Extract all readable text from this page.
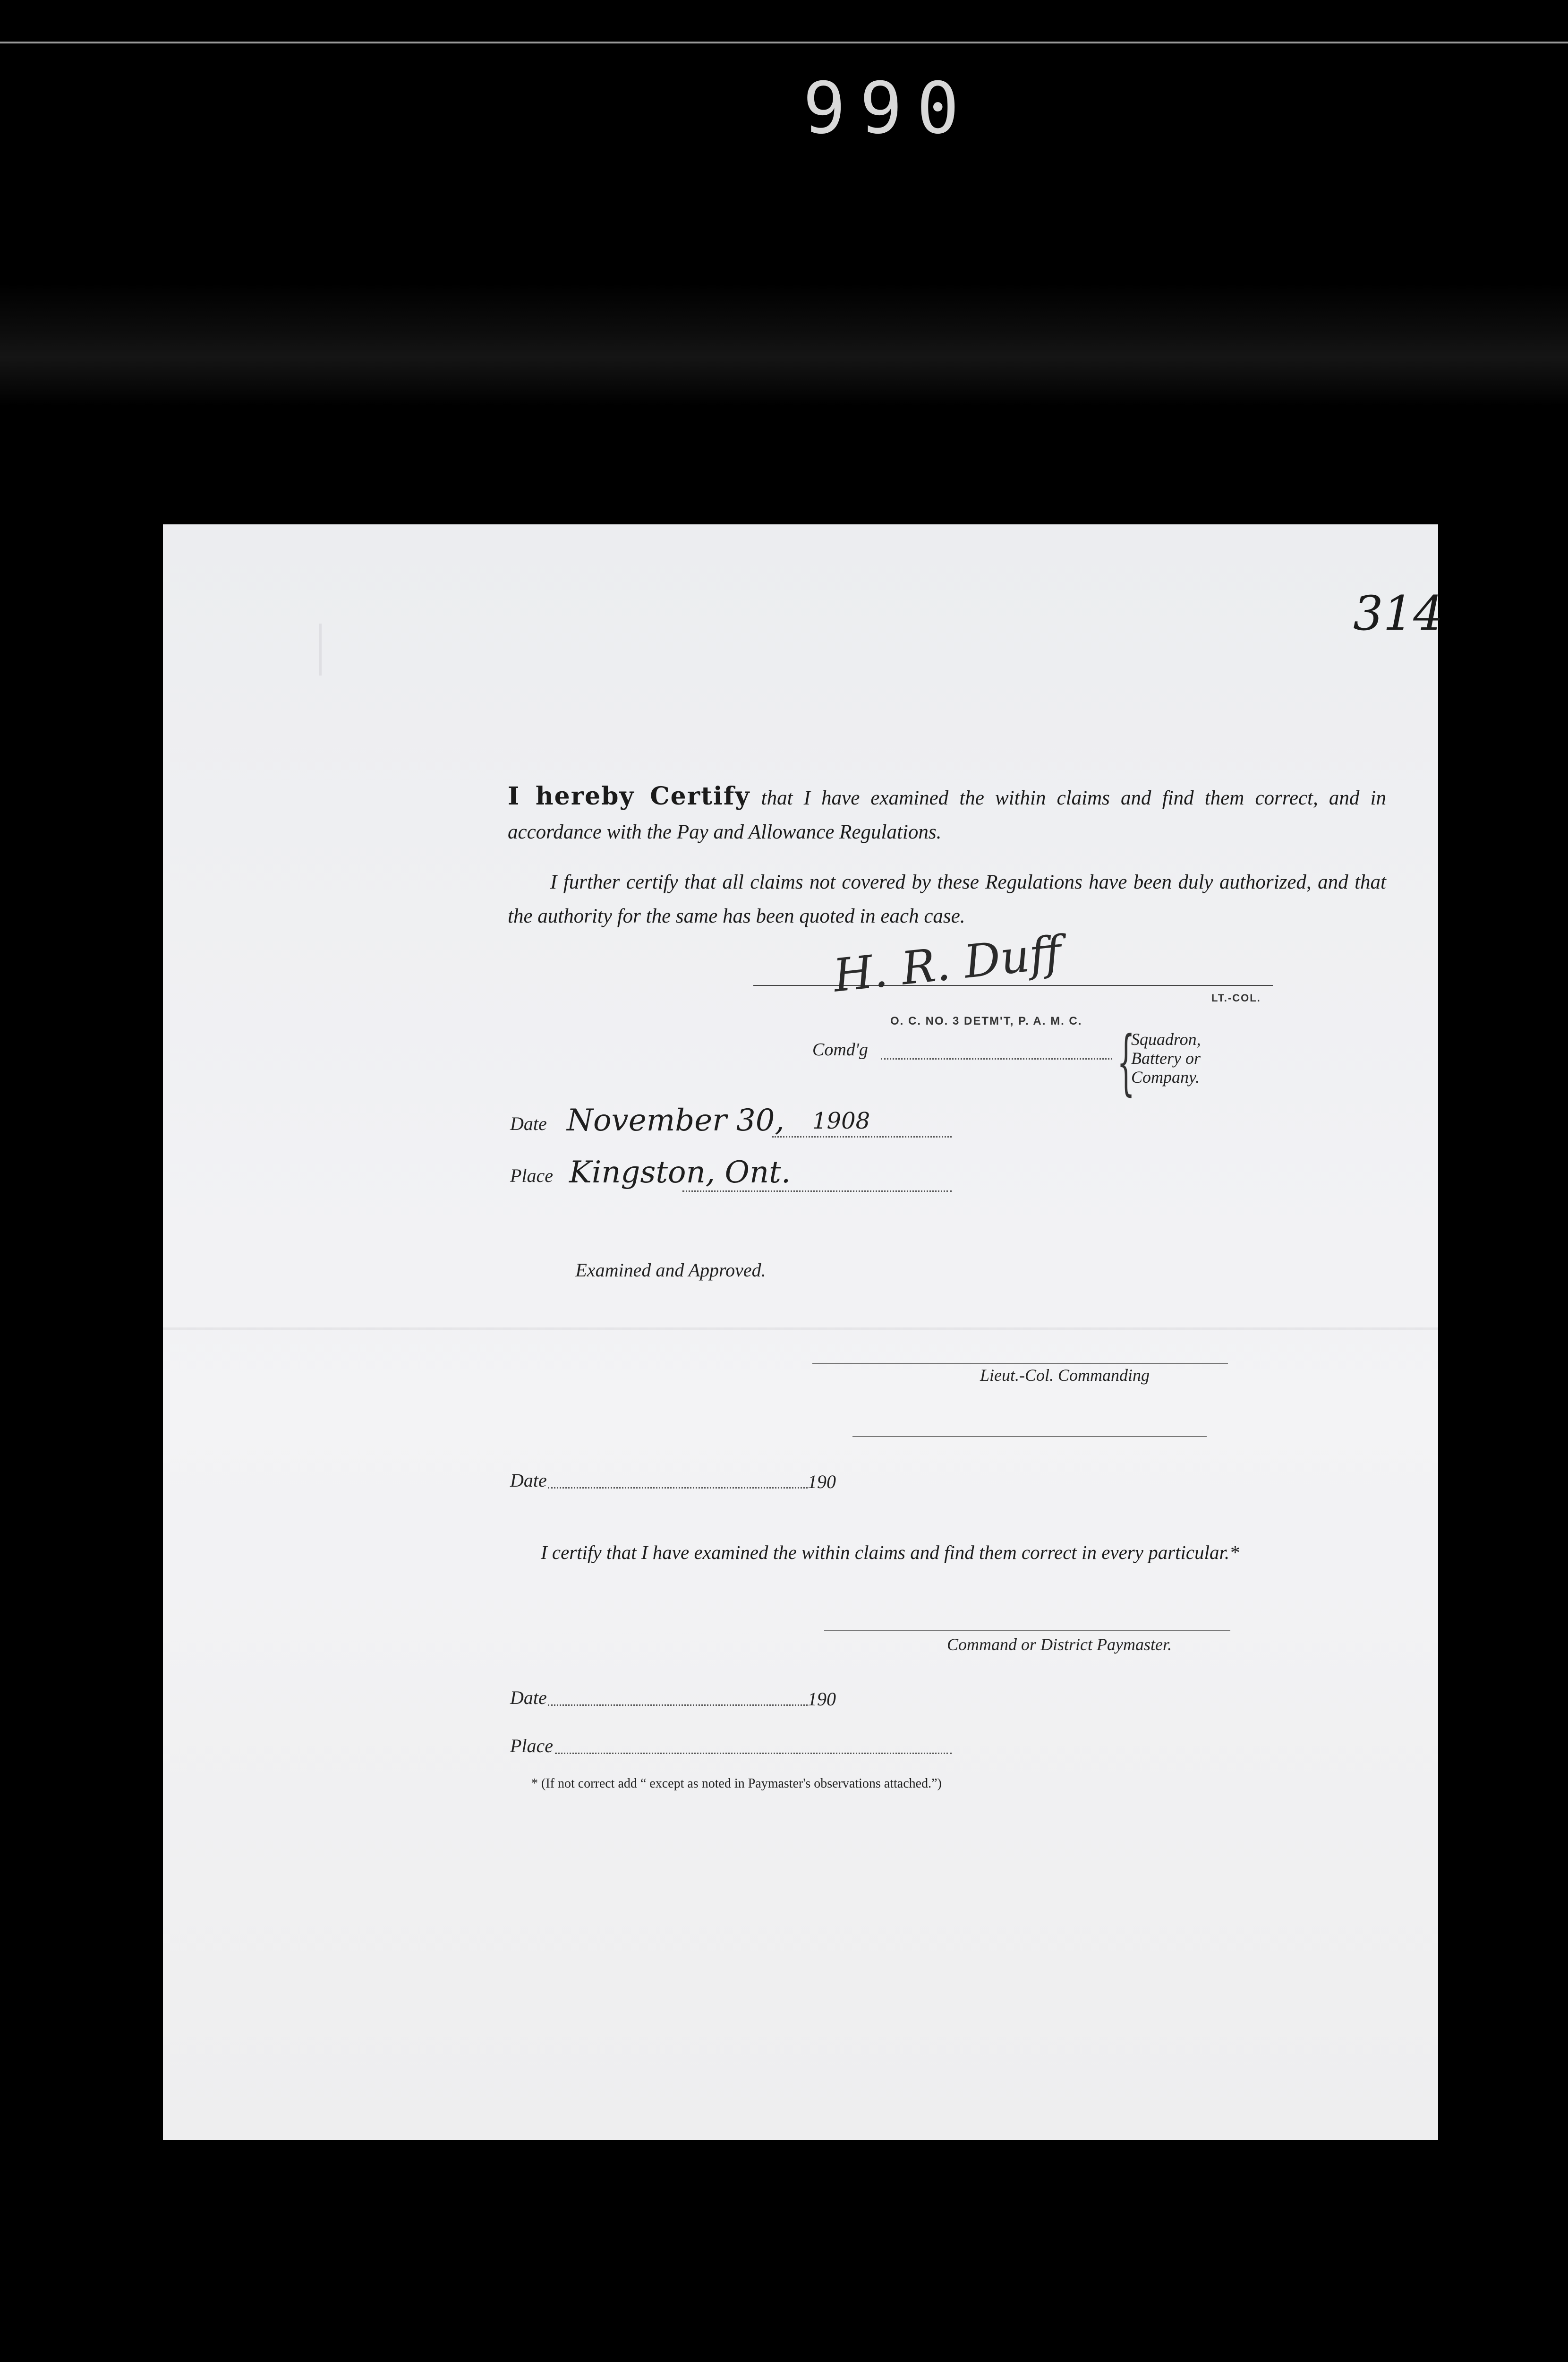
990
314
I hereby Certify that I have examined the within claims and find them correct, and in accordance with the Pay and Allowance Regulations.
I further certify that all claims not covered by these Regulations have been duly authorized, and that the authority for the same has been quoted in each case.
H. R. Duff	LT.-COL.
O. C. NO. 3 DETM'T, P. A. M. C.
Comd'g	{
Squadron,
Battery or
Company.
Date November 30, 1908
Place Kingston, Ont.
Examined and Approved.
Lieut.-Col. Commanding
Date	190
I certify that I have examined the within claims and find them correct in every particular.*
Command or District Paymaster.
Date	190
Place
* (If not correct add “ except as noted in Paymaster's observations attached.”)
